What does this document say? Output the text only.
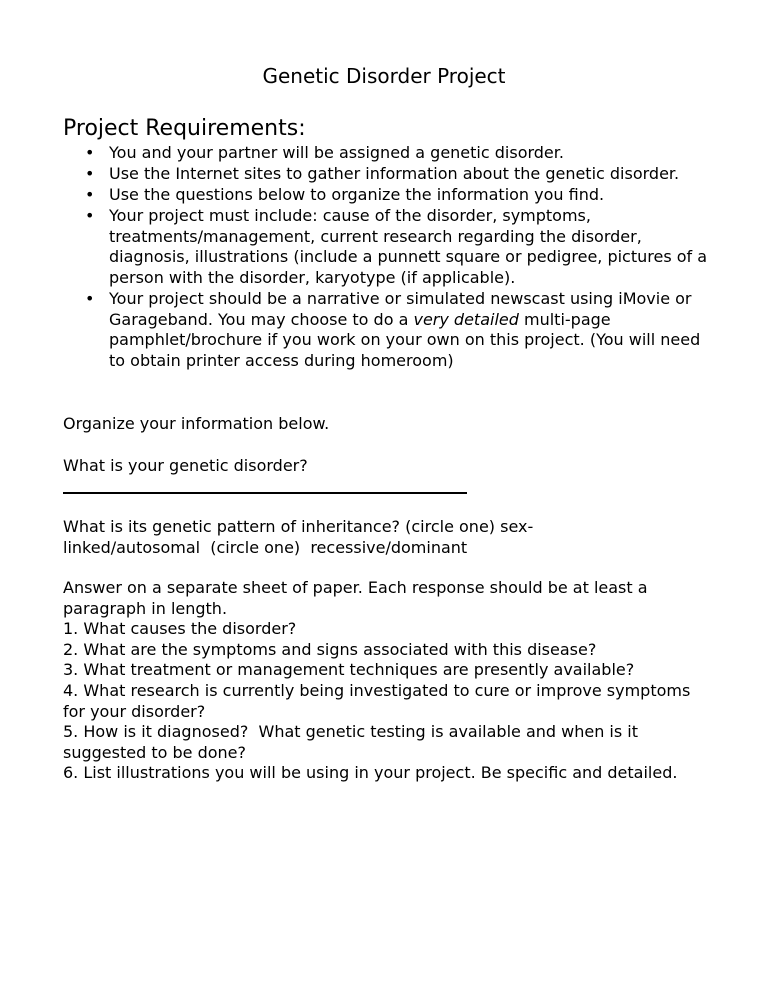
Genetic Disorder Project
Project Requirements:
• You and your partner will be assigned a genetic disorder.
• Use the Internet sites to gather information about the genetic disorder.
• Use the questions below to organize the information you find.
• Your project must include: cause of the disorder, symptoms, treatments/management, current research regarding the disorder, diagnosis, illustrations (include a punnett square or pedigree, pictures of a person with the disorder, karyotype (if applicable).
• Your project should be a narrative or simulated newscast using iMovie or Garageband. You may choose to do a very detailed multi-page pamphlet/brochure if you work on your own on this project. (You will need to obtain printer access during homeroom)

Organize your information below.

What is your genetic disorder?

What is its genetic pattern of inheritance? (circle one) sex-
linked/autosomal  (circle one)  recessive/dominant

Answer on a separate sheet of paper. Each response should be at least a paragraph in length.
1. What causes the disorder?
2. What are the symptoms and signs associated with this disease?
3. What treatment or management techniques are presently available?
4. What research is currently being investigated to cure or improve symptoms for your disorder?
5. How is it diagnosed?  What genetic testing is available and when is it suggested to be done?
6. List illustrations you will be using in your project. Be specific and detailed.
